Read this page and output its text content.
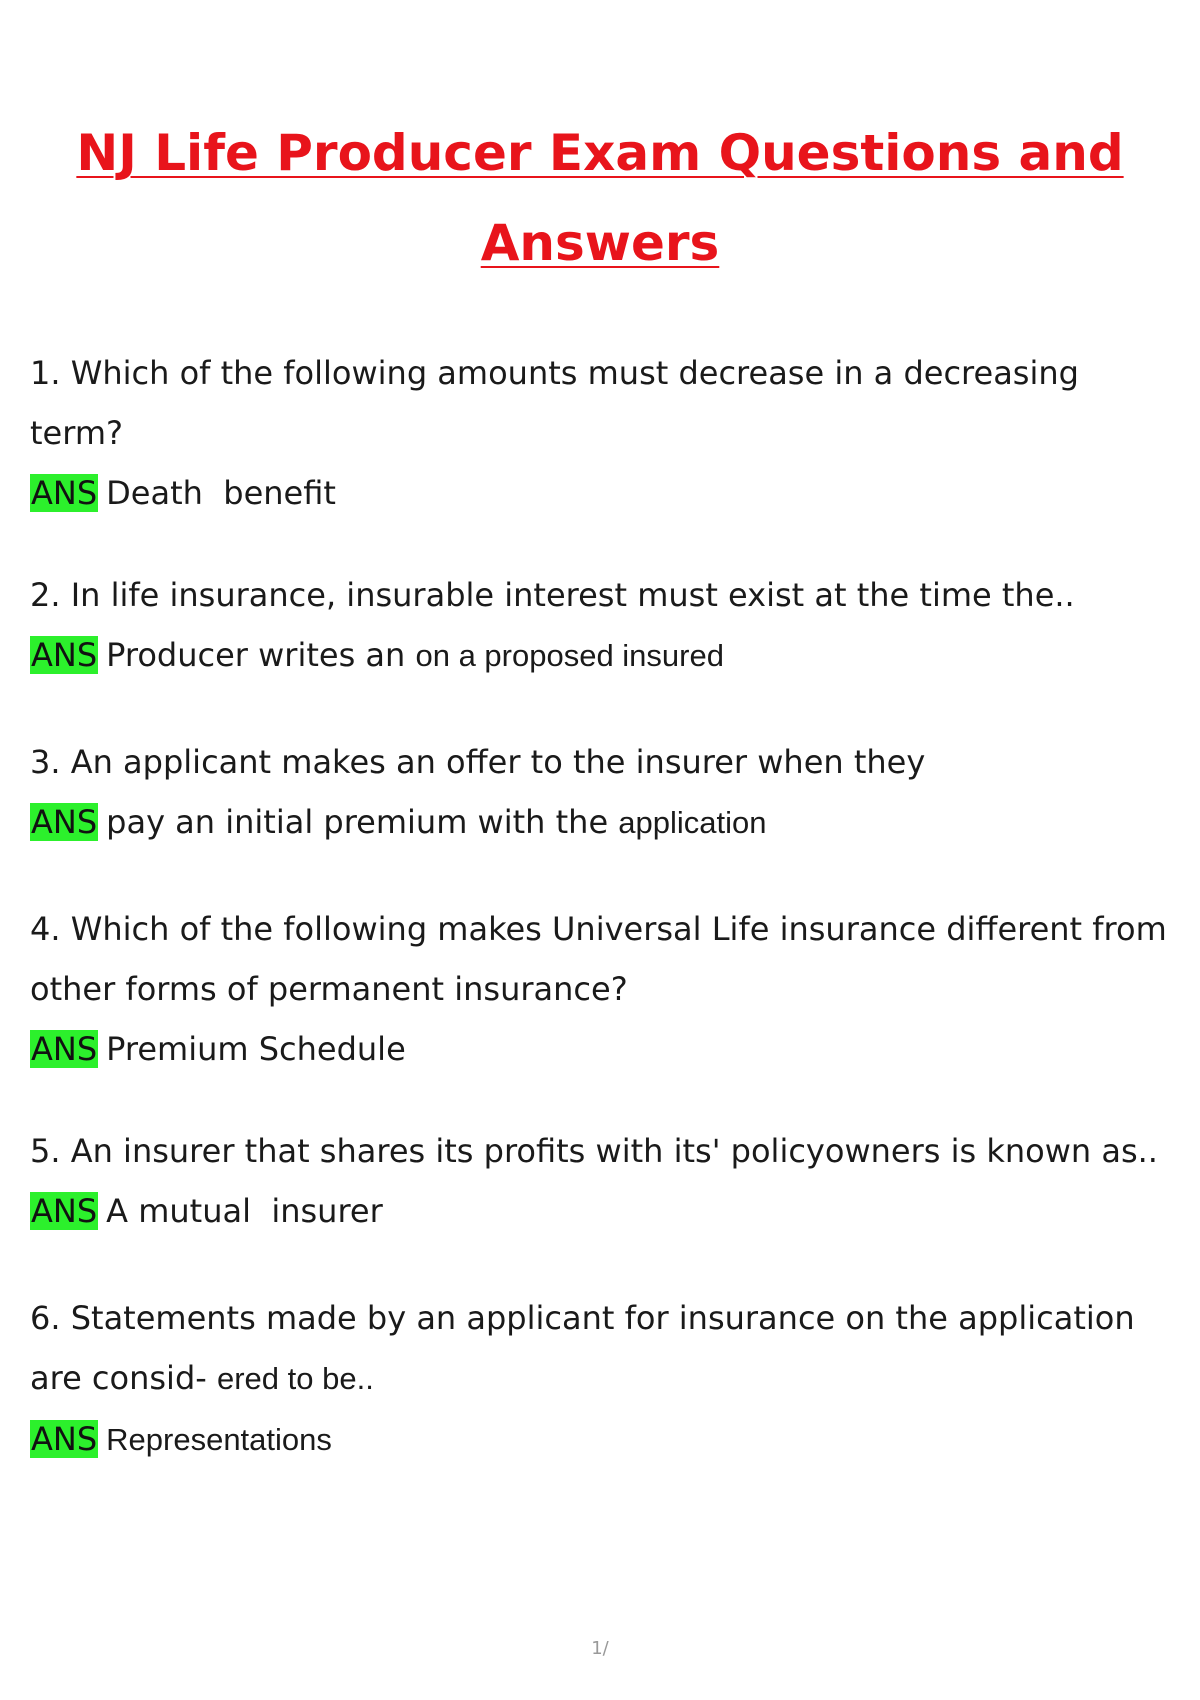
NJ Life Producer Exam Questions and
Answers

1. Which of the following amounts must decrease in a decreasing term?

ANS Death  benefit

2. In life insurance, insurable interest must exist at the time the..

ANS Producer writes an on a proposed insured

3. An applicant makes an offer to the insurer when they

ANS pay an initial premium with the application

4. Which of the following makes Universal Life insurance different from other forms of permanent insurance?

ANS Premium Schedule

5. An insurer that shares its profits with its' policyowners is known as..

ANS A mutual  insurer

6. Statements made by an applicant for insurance on the application are consid- ered to be..

ANS Representations

1/
